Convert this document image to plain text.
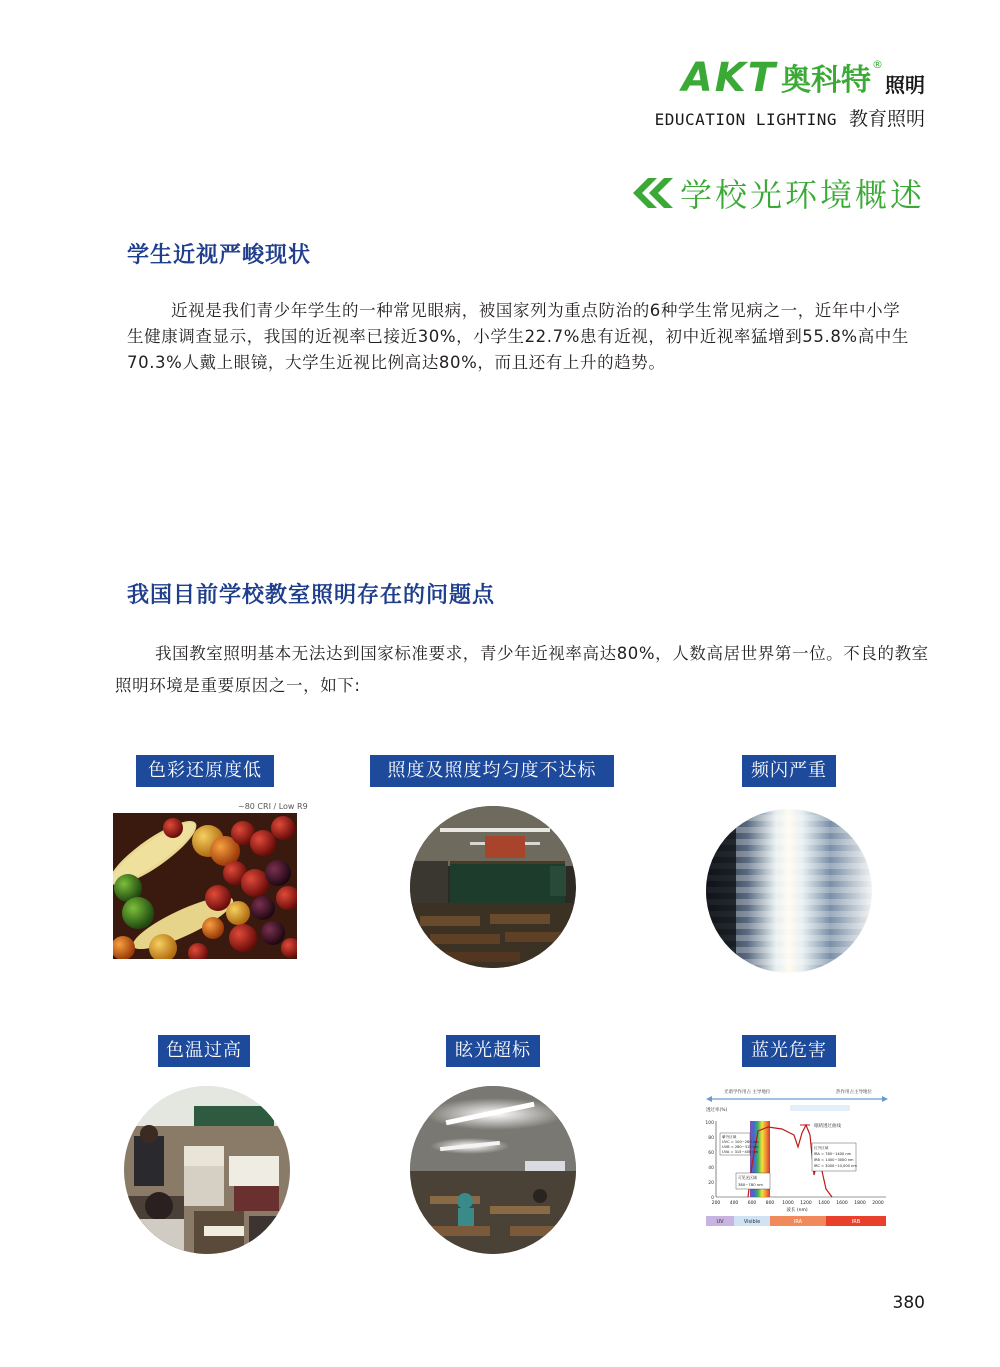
AKT 奥科特 ®
照明
EDUCATION LIGHTING 教育照明
学校光环境概述
学生近视严峻现状
近视是我们青少年学生的一种常见眼病，被国家列为重点防治的6种学生常见病之一，近年中小学生健康调查显示，我国的近视率已接近30%，小学生22.7%患有近视，初中近视率猛增到55.8%高中生70.3%人戴上眼镜，大学生近视比例高达80%，而且还有上升的趋势。
我国目前学校教室照明存在的问题点
我国教室照明基本无法达到国家标准要求，青少年近视率高达80%，人数高居世界第一位。不良的教室照明环境是重要原因之一，如下:
色彩还原度低	照度及照度均匀度不达标	频闪严重
~80 CRI / Low R9
色温过高	眩光超标	蓝光危害
光谱学作用占 主导地位	热作用占主导地位
透过率(%)
100
80
60
40
20
0
眼睛透过曲线
紫外区域
UVC = 100~280 nm
UVB = 280~315 nm
UVA = 315~400 nm
红外区域
IRA = 780~1400 nm
IRB = 1400~3000 nm
IRC = 3000~10,000 nm
可见光区域
380~780 nm
200 400 600 800 1000 1200 1400 1600 1800 2000
波长 (nm)
UV	Visible	IRA	IRB
380
